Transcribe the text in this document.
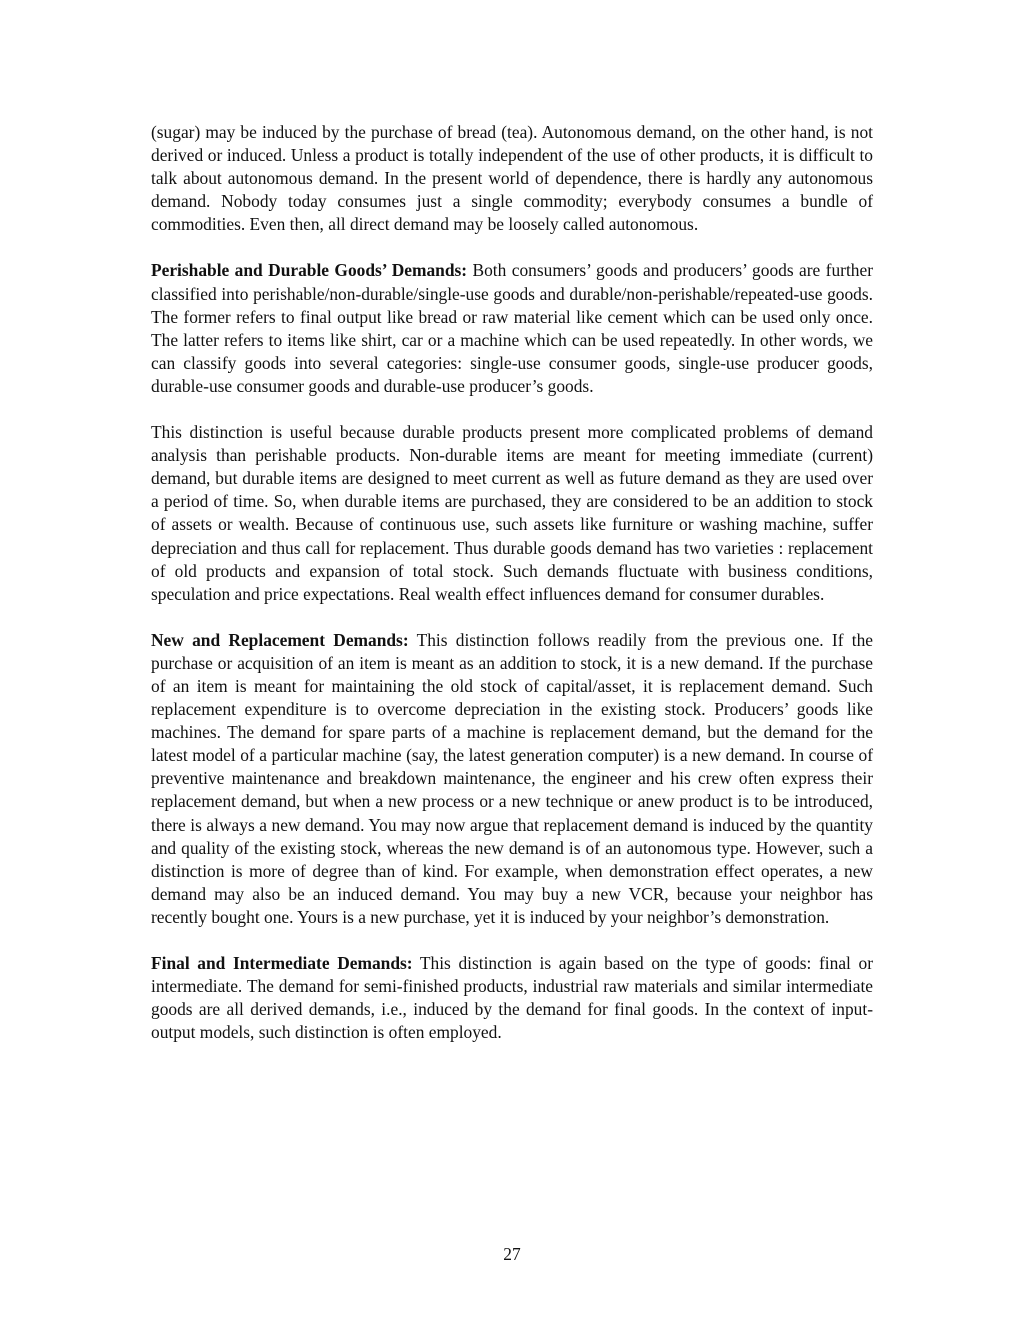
(sugar) may be induced by the purchase of bread (tea). Autonomous demand, on the other hand, is not derived or induced. Unless a product is totally independent of the use of other products, it is difficult to talk about autonomous demand. In the present world of dependence, there is hardly any autonomous demand. Nobody today consumes just a single commodity; everybody consumes a bundle of commodities. Even then, all direct demand may be loosely called autonomous.

Perishable and Durable Goods’ Demands: Both consumers’ goods and producers’ goods are further classified into perishable/non-durable/single-use goods and durable/non-perishable/repeated-use goods. The former refers to final output like bread or raw material like cement which can be used only once. The latter refers to items like shirt, car or a machine which can be used repeatedly. In other words, we can classify goods into several categories: single-use consumer goods, single-use producer goods, durable-use consumer goods and durable-use producer’s goods.

This distinction is useful because durable products present more complicated problems of demand analysis than perishable products. Non-durable items are meant for meeting immediate (current) demand, but durable items are designed to meet current as well as future demand as they are used over a period of time. So, when durable items are purchased, they are considered to be an addition to stock of assets or wealth. Because of continuous use, such assets like furniture or washing machine, suffer depreciation and thus call for replacement. Thus durable goods demand has two varieties : replacement of old products and expansion of total stock. Such demands fluctuate with business conditions, speculation and price expectations. Real wealth effect influences demand for consumer durables.

New and Replacement Demands: This distinction follows readily from the previous one. If the purchase or acquisition of an item is meant as an addition to stock, it is a new demand. If the purchase of an item is meant for maintaining the old stock of capital/asset, it is replacement demand. Such replacement expenditure is to overcome depreciation in the existing stock. Producers’ goods like machines. The demand for spare parts of a machine is replacement demand, but the demand for the latest model of a particular machine (say, the latest generation computer) is a new demand. In course of preventive maintenance and breakdown maintenance, the engineer and his crew often express their replacement demand, but when a new process or a new technique or anew product is to be introduced, there is always a new demand. You may now argue that replacement demand is induced by the quantity and quality of the existing stock, whereas the new demand is of an autonomous type. However, such a distinction is more of degree than of kind. For example, when demonstration effect operates, a new demand may also be an induced demand. You may buy a new VCR, because your neighbor has recently bought one. Yours is a new purchase, yet it is induced by your neighbor’s demonstration.

Final and Intermediate Demands: This distinction is again based on the type of goods: final or intermediate. The demand for semi-finished products, industrial raw materials and similar intermediate goods are all derived demands, i.e., induced by the demand for final goods. In the context of input-output models, such distinction is often employed.

27
